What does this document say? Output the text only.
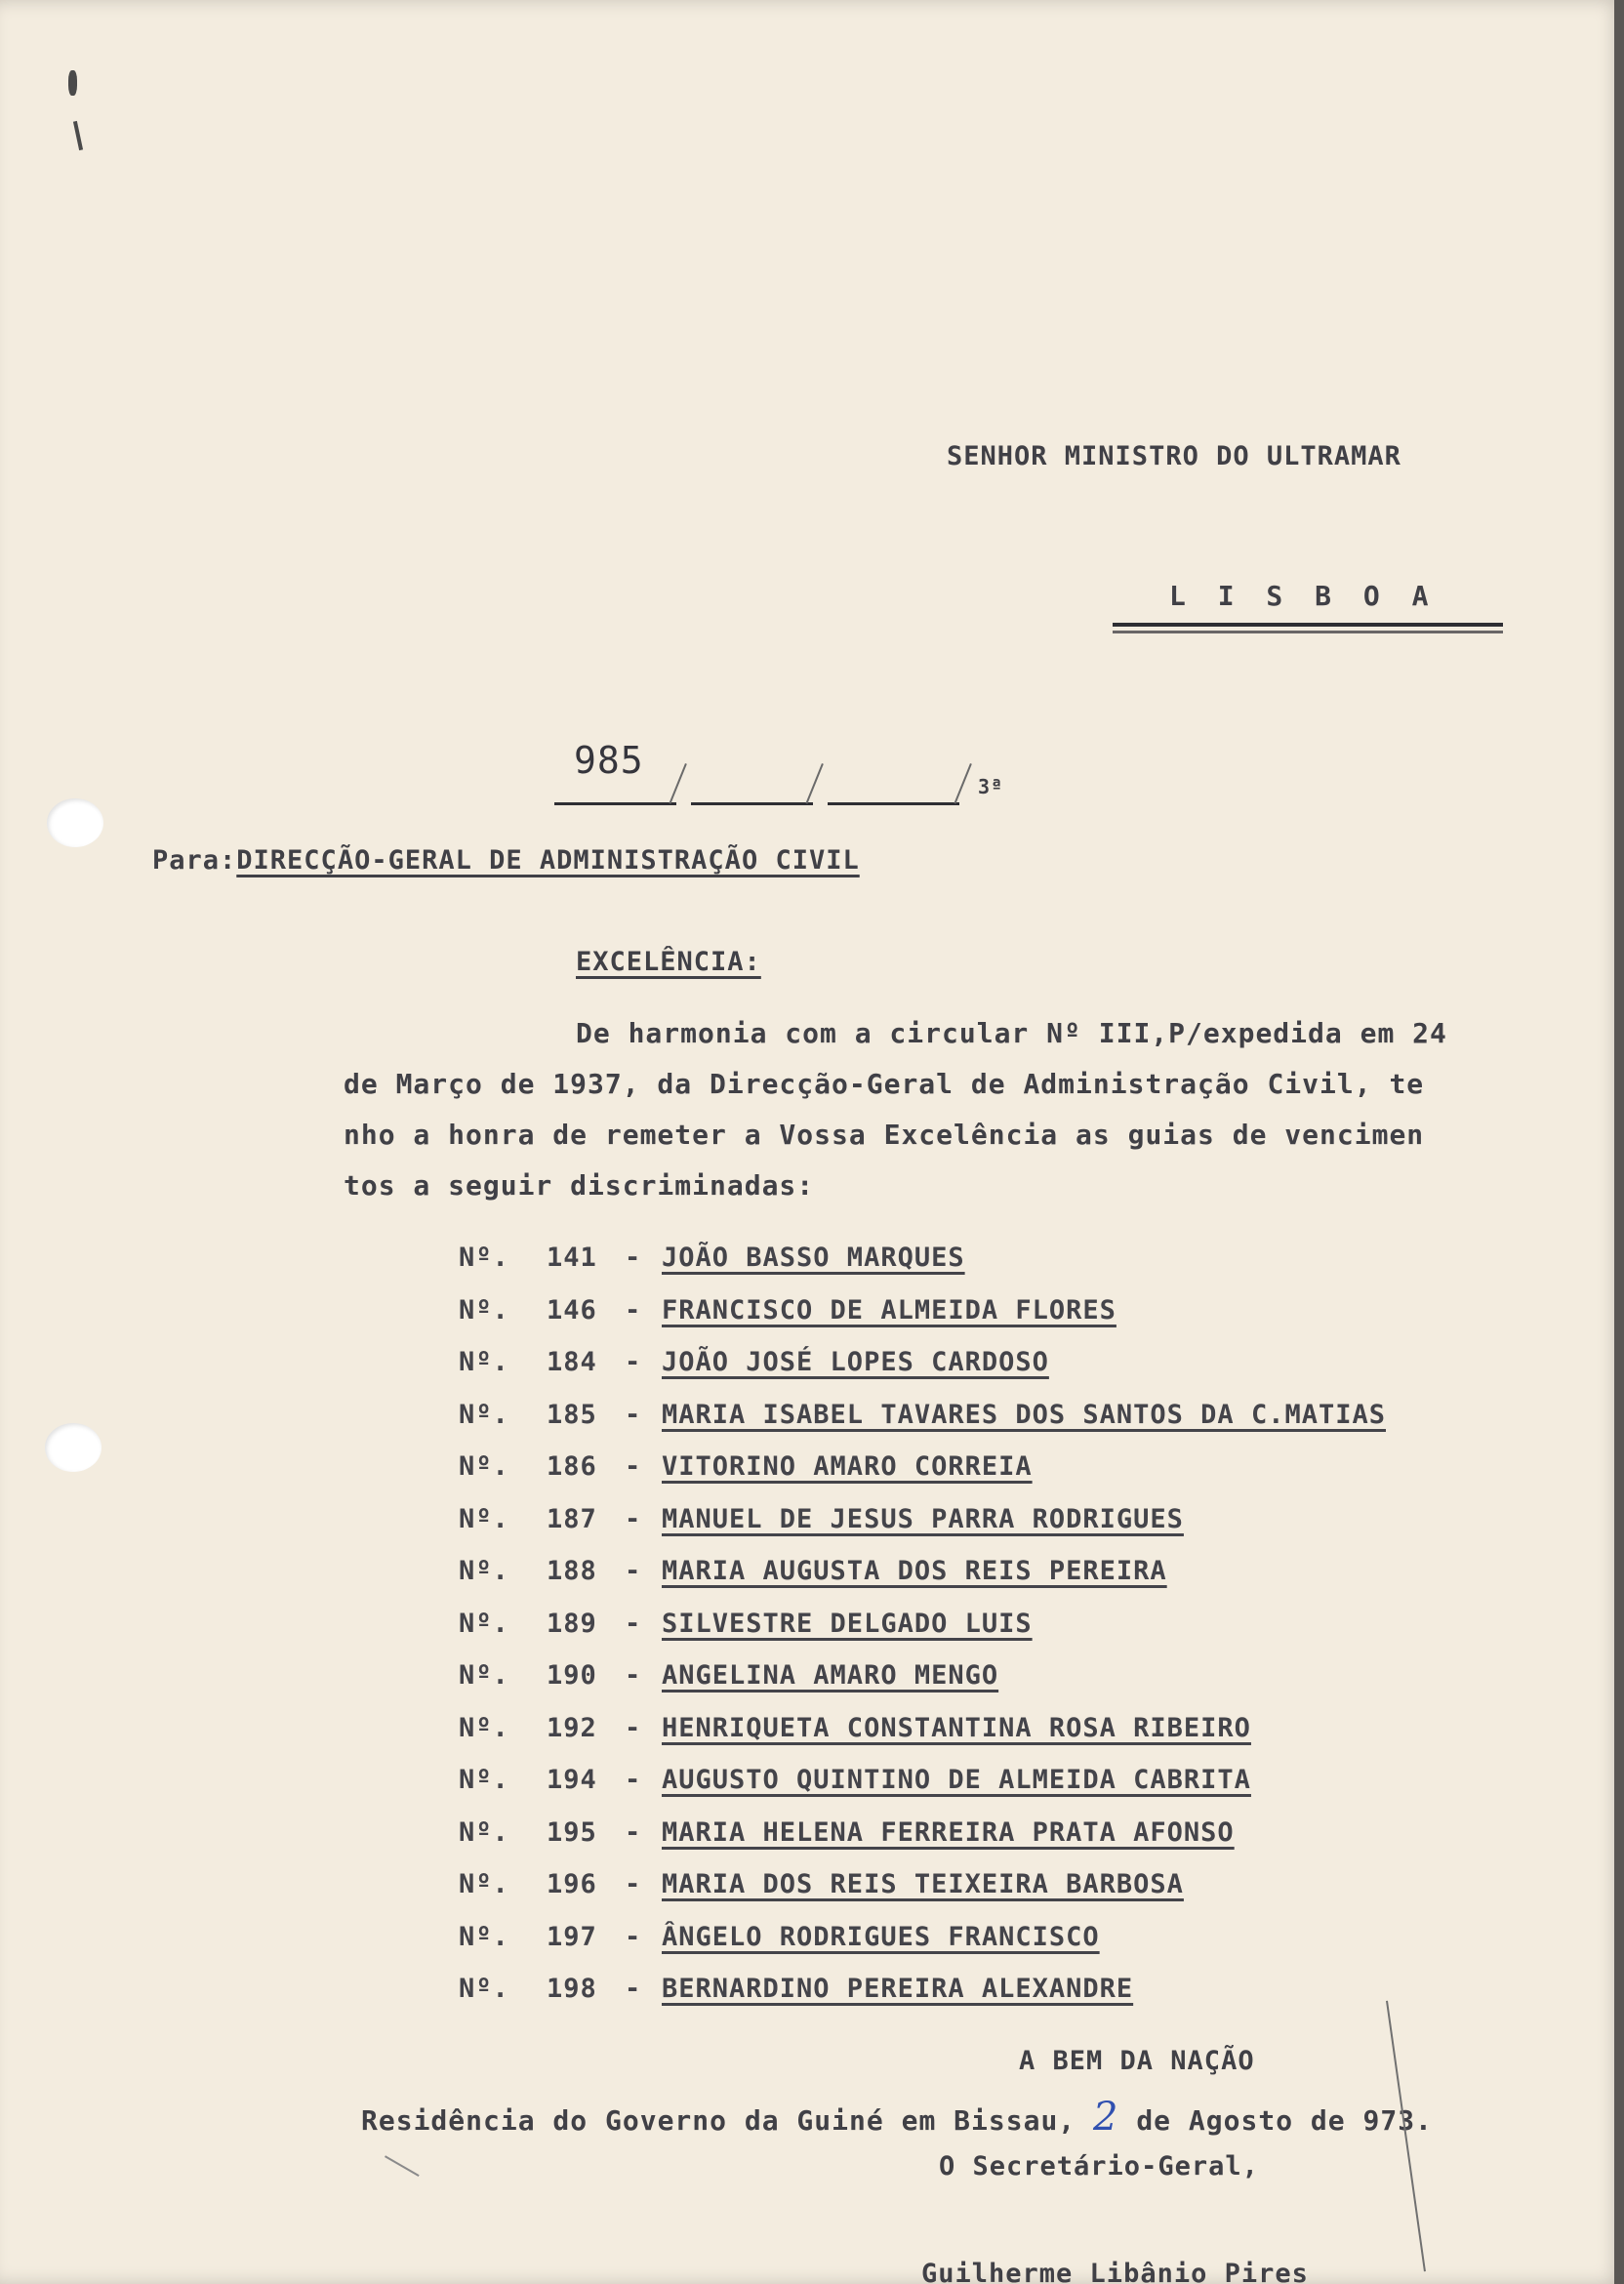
SENHOR MINISTRO DO ULTRAMAR
L I S B O A
985
3ª
Para:DIRECÇÃO-GERAL DE ADMINISTRAÇÃO CIVIL
EXCELÊNCIA:
De harmonia com a circular Nº III,P/expedida em 24
de Março de 1937, da Direcção-Geral de Administração Civil, te
nho a honra de remeter a Vossa Excelência as guias de vencimen
tos a seguir discriminadas:
Nº.	141	- JOÃO BASSO MARQUES
Nº.	146	- FRANCISCO DE ALMEIDA FLORES
Nº.	184	- JOÃO JOSÉ LOPES CARDOSO
Nº.	185	- MARIA ISABEL TAVARES DOS SANTOS DA C.MATIAS
Nº.	186	- VITORINO AMARO CORREIA
Nº.	187	- MANUEL DE JESUS PARRA RODRIGUES
Nº.	188	- MARIA AUGUSTA DOS REIS PEREIRA
Nº.	189	- SILVESTRE DELGADO LUIS
Nº.	190	- ANGELINA AMARO MENGO
Nº.	192	- HENRIQUETA CONSTANTINA ROSA RIBEIRO
Nº.	194	- AUGUSTO QUINTINO DE ALMEIDA CABRITA
Nº.	195	- MARIA HELENA FERREIRA PRATA AFONSO
Nº.	196	- MARIA DOS REIS TEIXEIRA BARBOSA
Nº.	197	- ÂNGELO RODRIGUES FRANCISCO
Nº.	198	- BERNARDINO PEREIRA ALEXANDRE
A BEM DA NAÇÃO
Residência do Governo da Guiné em Bissau, 2 de Agosto de 973.
O Secretário-Geral,
Guilherme Libânio Pires
